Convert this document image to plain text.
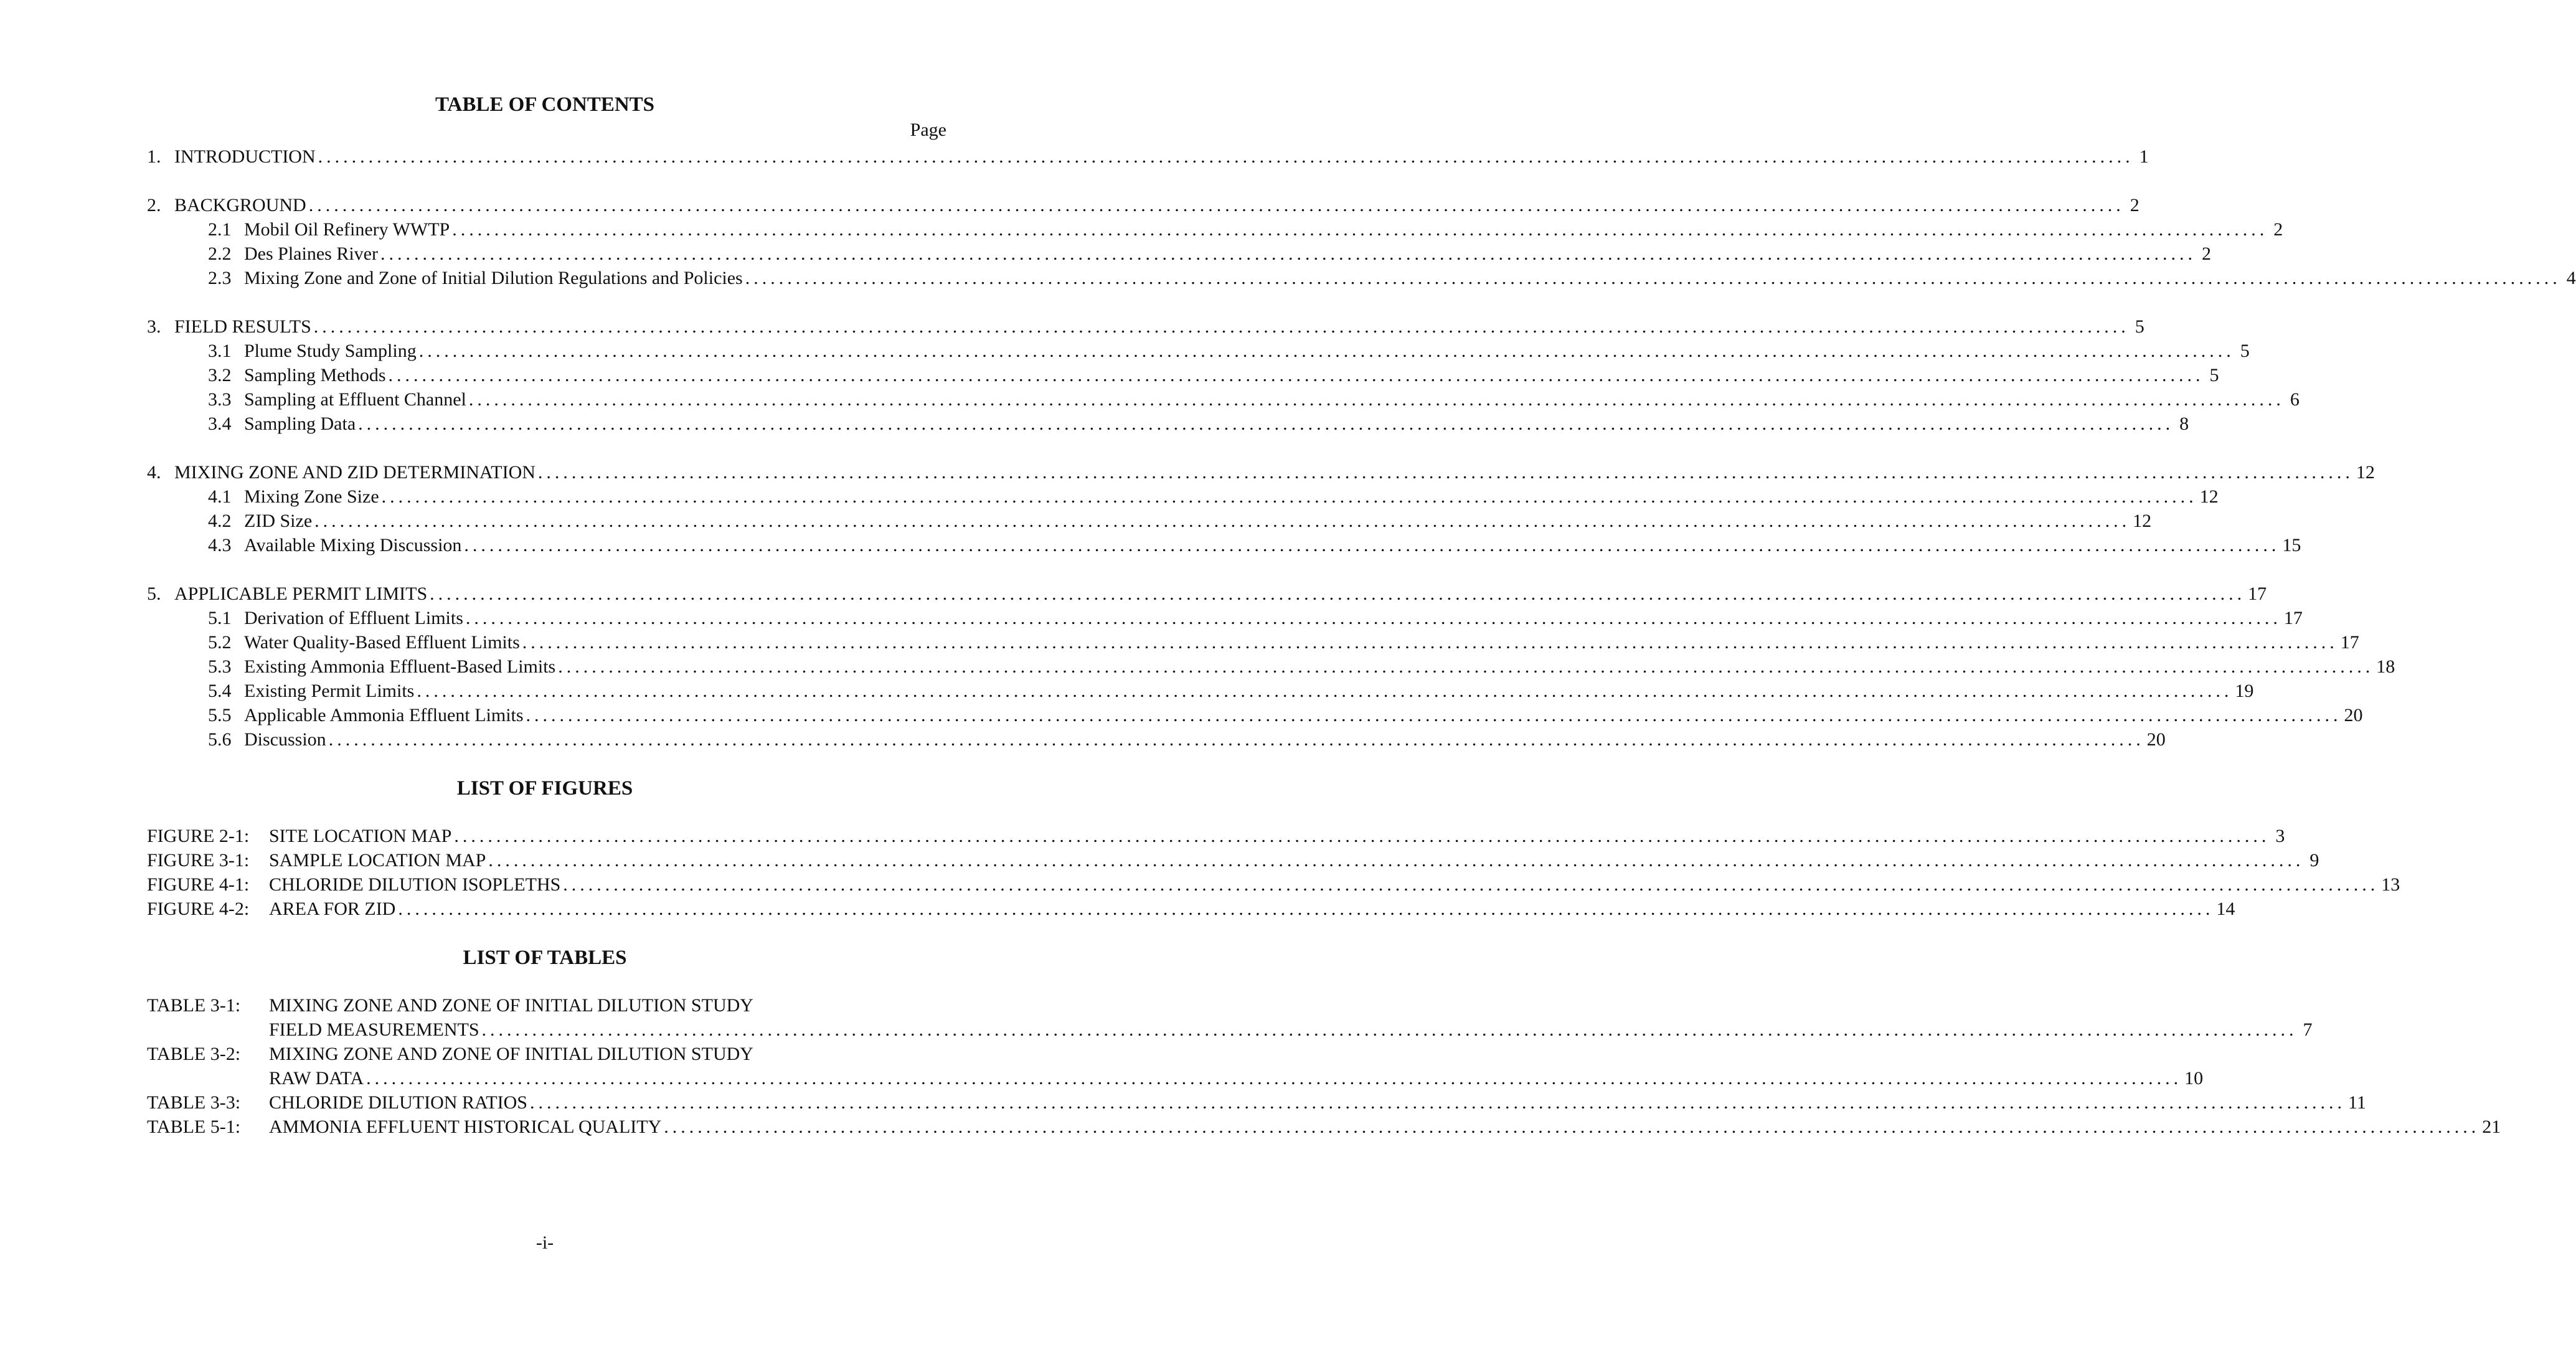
TABLE OF CONTENTS
Page
1. INTRODUCTION ........................................................................................................................................................................................................................ 1
2. BACKGROUND ........................................................................................................................................................................................................................ 2
2.1 Mobil Oil Refinery WWTP ........................................................................................................................................................................................................................ 2
2.2 Des Plaines River ........................................................................................................................................................................................................................ 2
2.3 Mixing Zone and Zone of Initial Dilution Regulations and Policies ........................................................................................................................................................................................................................ 4
3. FIELD RESULTS ........................................................................................................................................................................................................................ 5
3.1 Plume Study Sampling ........................................................................................................................................................................................................................ 5
3.2 Sampling Methods ........................................................................................................................................................................................................................ 5
3.3 Sampling at Effluent Channel ........................................................................................................................................................................................................................ 6
3.4 Sampling Data ........................................................................................................................................................................................................................ 8
4. MIXING ZONE AND ZID DETERMINATION ........................................................................................................................................................................................................................ 12
4.1 Mixing Zone Size ........................................................................................................................................................................................................................ 12
4.2 ZID Size ........................................................................................................................................................................................................................ 12
4.3 Available Mixing Discussion ........................................................................................................................................................................................................................ 15
5. APPLICABLE PERMIT LIMITS ........................................................................................................................................................................................................................ 17
5.1 Derivation of Effluent Limits ........................................................................................................................................................................................................................ 17
5.2 Water Quality-Based Effluent Limits ........................................................................................................................................................................................................................ 17
5.3 Existing Ammonia Effluent-Based Limits ........................................................................................................................................................................................................................ 18
5.4 Existing Permit Limits ........................................................................................................................................................................................................................ 19
5.5 Applicable Ammonia Effluent Limits ........................................................................................................................................................................................................................ 20
5.6 Discussion ........................................................................................................................................................................................................................ 20
LIST OF FIGURES
FIGURE 2-1:	SITE LOCATION MAP ........................................................................................................................................................................................................................ 3
FIGURE 3-1:	SAMPLE LOCATION MAP ........................................................................................................................................................................................................................ 9
FIGURE 4-1:	CHLORIDE DILUTION ISOPLETHS ........................................................................................................................................................................................................................ 13
FIGURE 4-2:	AREA FOR ZID ........................................................................................................................................................................................................................ 14
LIST OF TABLES
TABLE 3-1:	MIXING ZONE AND ZONE OF INITIAL DILUTION STUDY
FIELD MEASUREMENTS ........................................................................................................................................................................................................................ 7
TABLE 3-2:	MIXING ZONE AND ZONE OF INITIAL DILUTION STUDY
RAW DATA ........................................................................................................................................................................................................................ 10
TABLE 3-3:	CHLORIDE DILUTION RATIOS ........................................................................................................................................................................................................................ 11
TABLE 5-1:	AMMONIA EFFLUENT HISTORICAL QUALITY ........................................................................................................................................................................................................................ 21
-i-
